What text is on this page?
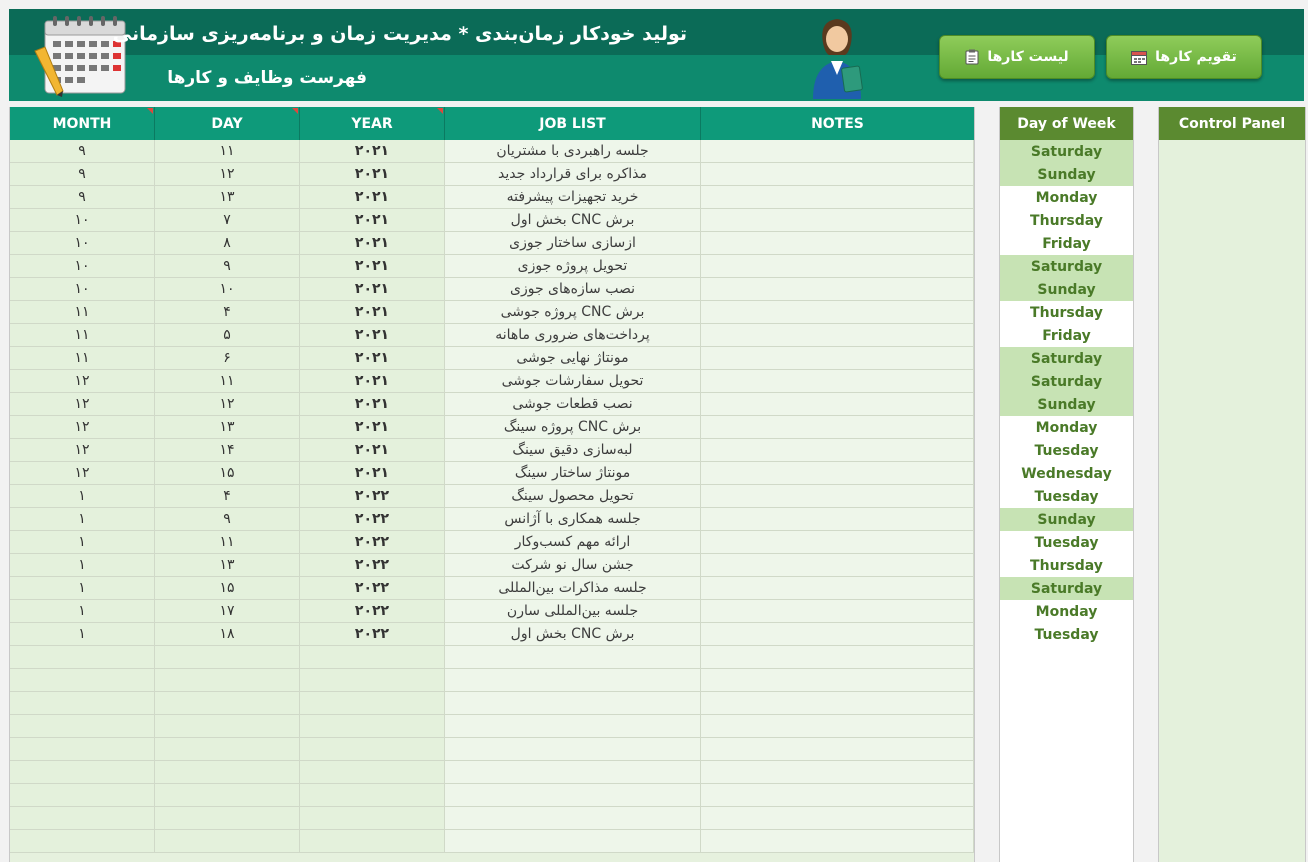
تولید خودکار زمان‌بندی * مدیریت زمان و برنامه‌ریزی سازمانی
فهرست وظایف و کارها
لیست کارها	تقویم کارها
MONTH	DAY	YEAR	JOB LIST	NOTES
۹	۱۱	۲۰۲۱	جلسه راهبردی با مشتریان
۹	۱۲	۲۰۲۱	مذاکره برای قرارداد جدید
۹	۱۳	۲۰۲۱	خرید تجهیزات پیشرفته
۱۰	۷	۲۰۲۱	برش CNC بخش اول
۱۰	۸	۲۰۲۱	ازسازی ساختار جوزی
۱۰	۹	۲۰۲۱	تحویل پروژه جوزی
۱۰	۱۰	۲۰۲۱	نصب سازه‌های جوزی
۱۱	۴	۲۰۲۱	برش CNC پروژه جوشی
۱۱	۵	۲۰۲۱	پرداخت‌های ضروری ماهانه
۱۱	۶	۲۰۲۱	مونتاژ نهایی جوشی
۱۲	۱۱	۲۰۲۱	تحویل سفارشات جوشی
۱۲	۱۲	۲۰۲۱	نصب قطعات جوشی
۱۲	۱۳	۲۰۲۱	برش CNC پروژه سینگ
۱۲	۱۴	۲۰۲۱	لبه‌سازی دقیق سینگ
۱۲	۱۵	۲۰۲۱	مونتاژ ساختار سینگ
۱	۴	۲۰۲۲	تحویل محصول سینگ
۱	۹	۲۰۲۲	جلسه همکاری با آژانس
۱	۱۱	۲۰۲۲	ارائه مهم کسب‌وکار
۱	۱۳	۲۰۲۲	جشن سال نو شرکت
۱	۱۵	۲۰۲۲	جلسه مذاکرات بین‌المللی
۱	۱۷	۲۰۲۲	جلسه بین‌المللی سارن
۱	۱۸	۲۰۲۲	برش CNC بخش اول
Day of Week
Saturday
Sunday
Monday
Thursday
Friday
Saturday
Sunday
Thursday
Friday
Saturday
Saturday
Sunday
Monday
Tuesday
Wednesday
Tuesday
Sunday
Tuesday
Thursday
Saturday
Monday
Tuesday
Control Panel
